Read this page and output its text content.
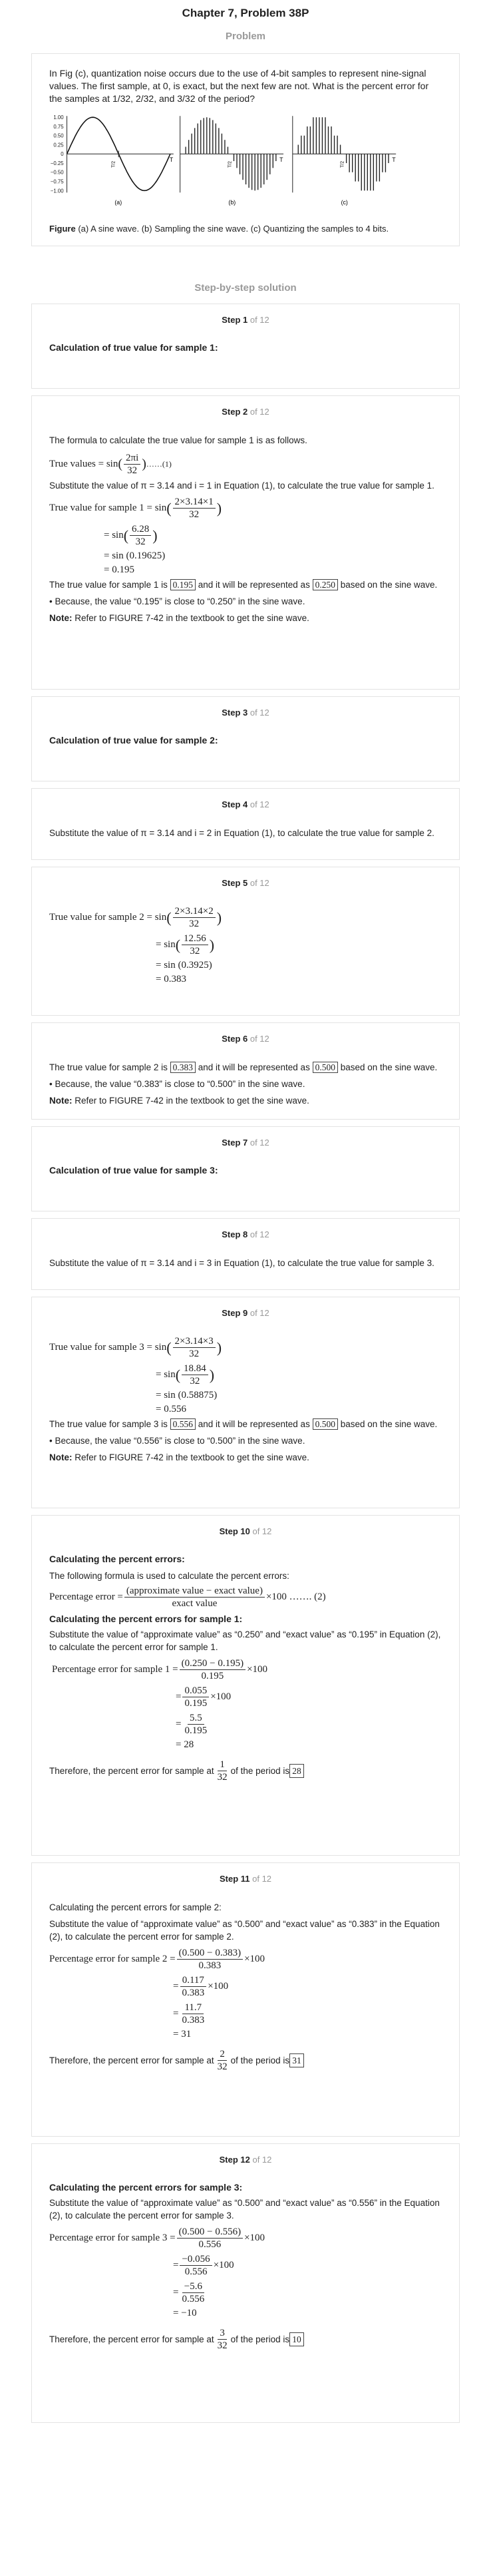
Chapter 7, Problem 38P
Problem
In Fig (c), quantization noise occurs due to the use of 4-bit samples to represent nine-signal values. The first sample, at 0, is exact, but the next few are not. What is the percent error for the samples at 1/32, 2/32, and 3/32 of the period?
1.00
0.75
0.50
0.25
0
−0.25
−0.50
−0.75
−1.00
T/2
T
(a)
T/2
T
(b)
T/2
T
(c)
Figure (a) A sine wave. (b) Sampling the sine wave. (c) Quantizing the samples to 4 bits.
Step-by-step solution
Step 1 of 12
Calculation of true value for sample 1:
Step 2 of 12
The formula to calculate the true value for sample 1 is as follows.
True values = sin ( $\frac{2\pi i}{32}$ ) ……(1)
Substitute the value of π = 3.14 and i = 1 in Equation (1), to calculate the true value for sample 1.
True value for sample 1 = sin ( $\frac{2\times 3.14\times 1}{32}$ )
= sin ( $\frac{6.28}{32}$ )
= sin (0.19625)
= 0.195
The true value for sample 1 is 0.195 and it will be represented as 0.250 based on the sine wave.
• Because, the value “0.195” is close to “0.250” in the sine wave.
Note: Refer to FIGURE 7-42 in the textbook to get the sine wave.
Step 3 of 12
Calculation of true value for sample 2:
Step 4 of 12
Substitute the value of π = 3.14 and i = 2 in Equation (1), to calculate the true value for sample 2.
Step 5 of 12
True value for sample 2 = sin ( $\frac{2\times 3.14\times 2}{32}$ )
= sin ( $\frac{12.56}{32}$ )
= sin (0.3925)
= 0.383
Step 6 of 12
The true value for sample 2 is 0.383 and it will be represented as 0.500 based on the sine wave.
• Because, the value “0.383” is close to “0.500” in the sine wave.
Note: Refer to FIGURE 7-42 in the textbook to get the sine wave.
Step 7 of 12
Calculation of true value for sample 3:
Step 8 of 12
Substitute the value of π = 3.14 and i = 3 in Equation (1), to calculate the true value for sample 3.
Step 9 of 12
True value for sample 3 = sin ( $\frac{2\times 3.14\times 3}{32}$ )
= sin ( $\frac{18.84}{32}$ )
= sin (0.58875)
= 0.556
The true value for sample 3 is 0.556 and it will be represented as 0.500 based on the sine wave.
• Because, the value “0.556” is close to “0.500” in the sine wave.
Note: Refer to FIGURE 7-42 in the textbook to get the sine wave.
Step 10 of 12
Calculating the percent errors:
The following formula is used to calculate the percent errors:
Percentage error = $\frac{\text{(approximate value − exact value)}}{\text{exact value}} \times 100$ ……. (2)
Calculating the percent errors for sample 1:
Substitute the value of “approximate value” as “0.250” and “exact value” as “0.195” in Equation (2), to calculate the percent error for sample 1.
Percentage error for sample $1 = \frac{(0.250 - 0.195)}{0.195} \times 100$
= $\frac{0.055}{0.195} \times 100$
= $\frac{5.5}{0.195}$
= 28
Therefore, the percent error for sample at $\frac{1}{32}$ of the period is 28
Step 11 of 12
Calculating the percent errors for sample 2:
Substitute the value of “approximate value” as “0.500” and “exact value” as “0.383” in the Equation (2), to calculate the percent error for sample 2.
Percentage error for sample $2 = \frac{(0.500 - 0.383)}{0.383} \times 100$
= $\frac{0.117}{0.383} \times 100$
= $\frac{11.7}{0.383}$
= 31
Therefore, the percent error for sample at $\frac{2}{32}$ of the period is 31
Step 12 of 12
Calculating the percent errors for sample 3:
Substitute the value of “approximate value” as “0.500” and “exact value” as “0.556” in the Equation (2), to calculate the percent error for sample 3.
Percentage error for sample $3 = \frac{(0.500 - 0.556)}{0.556} \times 100$
= $\frac{-0.056}{0.556} \times 100$
= $\frac{-5.6}{0.556}$
= −10
Therefore, the percent error for sample at $\frac{3}{32}$ of the period is 10
